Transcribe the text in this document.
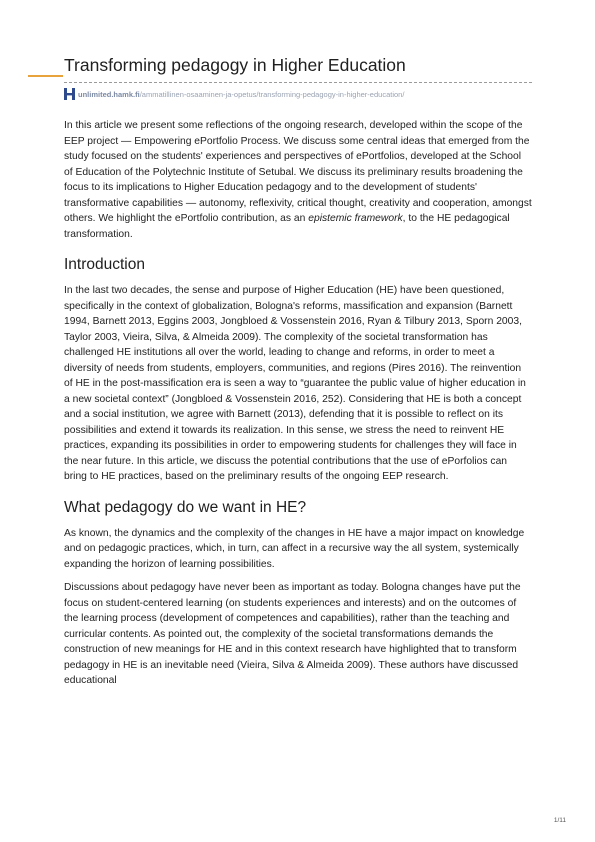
Transforming pedagogy in Higher Education
unlimited.hamk.fi /ammatillinen-osaaminen-ja-opetus/transforming-pedagogy-in-higher-education/

In this article we present some reflections of the ongoing research, developed within the scope of the EEP project — Empowering ePortfolio Process. We discuss some central ideas that emerged from the study focused on the students' experiences and perspectives of ePortfolios, developed at the School of Education of the Polytechnic Institute of Setubal. We discuss its preliminary results broadening the focus to its implications to Higher Education pedagogy and to the development of students' transformative capabilities — autonomy, reflexivity, critical thought, creativity and cooperation, amongst others. We highlight the ePortfolio contribution, as an epistemic framework, to the HE pedagogical transformation.

Introduction

In the last two decades, the sense and purpose of Higher Education (HE) have been questioned, specifically in the context of globalization, Bologna's reforms, massification and expansion (Barnett 1994, Barnett 2013, Eggins 2003, Jongbloed & Vossenstein 2016, Ryan & Tilbury 2013, Sporn 2003, Taylor 2003, Vieira, Silva, & Almeida 2009). The complexity of the societal transformation has challenged HE institutions all over the world, leading to change and reforms, in order to meet a diversity of needs from students, employers, communities, and regions (Pires 2016). The reinvention of HE in the post-massification era is seen a way to “guarantee the public value of higher education in a new societal context” (Jongbloed & Vossenstein 2016, 252). Considering that HE is both a concept and a social institution, we agree with Barnett (2013), defending that it is possible to reflect on its possibilities and extend it towards its realization. In this sense, we stress the need to reinvent HE practices, expanding its possibilities in order to empowering students for challenges they will face in the near future. In this article, we discuss the potential contributions that the use of ePorfolios can bring to HE practices, based on the preliminary results of the ongoing EEP research.

What pedagogy do we want in HE?

As known, the dynamics and the complexity of the changes in HE have a major impact on knowledge and on pedagogic practices, which, in turn, can affect in a recursive way the all system, systemically expanding the horizon of learning possibilities.

Discussions about pedagogy have never been as important as today. Bologna changes have put the focus on student-centered learning (on students experiences and interests) and on the outcomes of the learning process (development of competences and capabilities), rather than the teaching and curricular contents. As pointed out, the complexity of the societal transformations demands the construction of new meanings for HE and in this context research have highlighted that to transform pedagogy in HE is an inevitable need (Vieira, Silva & Almeida 2009). These authors have discussed educational

1/11
